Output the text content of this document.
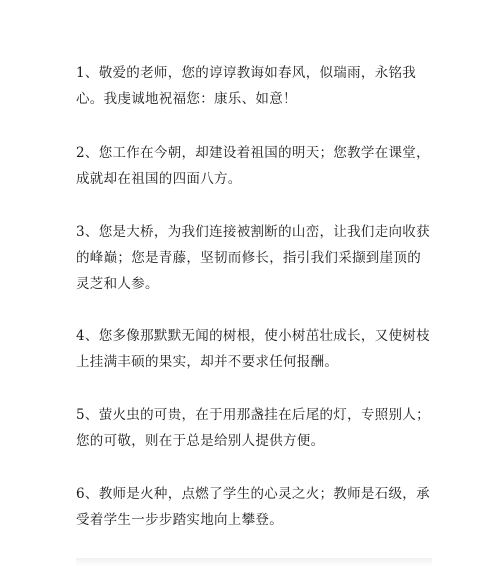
1、敬爱的老师，您的谆谆教诲如春风，似瑞雨，永铭我心。我虔诚地祝福您：康乐、如意！

2、您工作在今朝，却建设着祖国的明天；您教学在课堂，成就却在祖国的四面八方。

3、您是大桥，为我们连接被割断的山峦，让我们走向收获的峰巅；您是青藤，坚韧而修长，指引我们采撷到崖顶的灵芝和人参。

4、您多像那默默无闻的树根，使小树茁壮成长，又使树枝上挂满丰硕的果实，却并不要求任何报酬。

5、萤火虫的可贵，在于用那盏挂在后尾的灯，专照别人；您的可敬，则在于总是给别人提供方便。

6、教师是火种，点燃了学生的心灵之火；教师是石级，承受着学生一步步踏实地向上攀登。
